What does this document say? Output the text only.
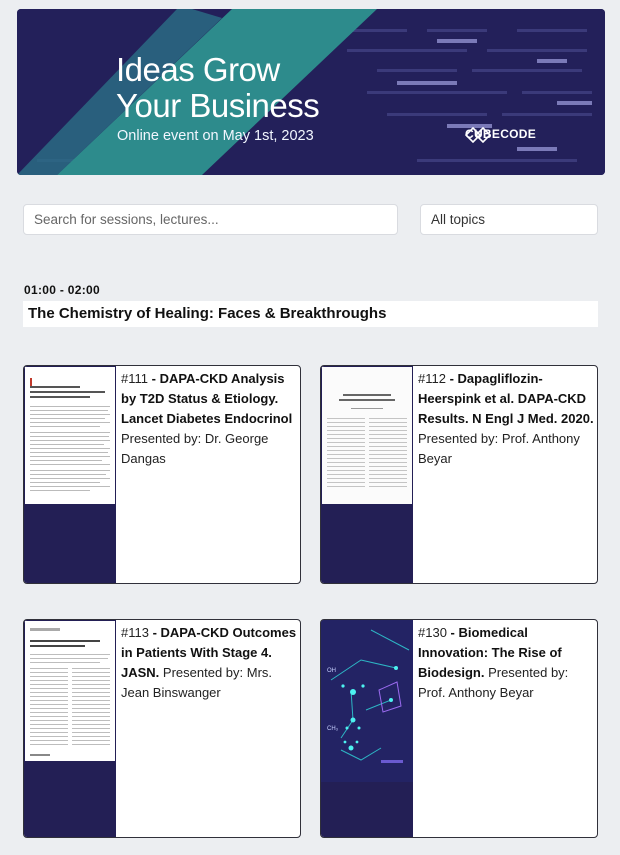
Ideas Grow
Your Business
Online event on May 1st, 2023	CUBECODE
Search for sessions, lectures...
All topics
01:00 - 02:00
The Chemistry of Healing: Faces & Breakthroughs
#111 - DAPA-CKD Analysis by T2D Status & Etiology. Lancet Diabetes Endocrinol Presented by: Dr. George Dangas
#112 - Dapagliflozin-Heerspink et al. DAPA-CKD Results. N Engl J Med. 2020. Presented by: Prof. Anthony Beyar
#113 - DAPA-CKD Outcomes in Patients With Stage 4. JASN. Presented by: Mrs. Jean Binswanger
OH
CH₃
#130 - Biomedical Innovation: The Rise of Biodesign. Presented by: Prof. Anthony Beyar
